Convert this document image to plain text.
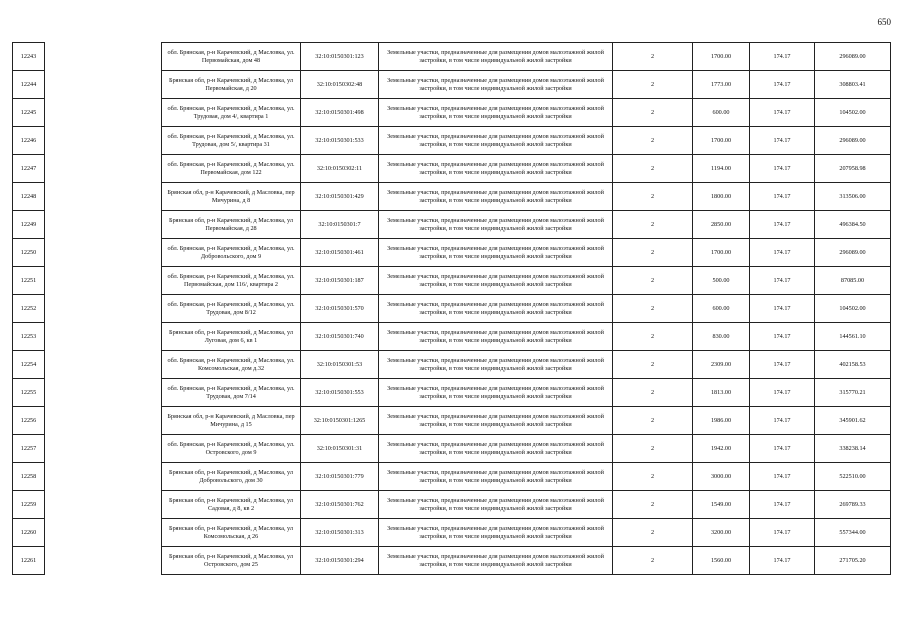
650
12243		обл. Брянская, р-н Карачевский, д Масловка, ул. Первомайская, дом 48	32:10:0150301:123	Земельные участки, предназначенные для размещения домов малоэтажной жилой застройки, в том числе индивидуальной жилой застройки	2	1700.00	174.17	296089.00
12244		Брянская обл, р-н Карачевский, д Масловка, ул Первомайская, д 20	32:10:0150302:48	Земельные участки, предназначенные для размещения домов малоэтажной жилой застройки, в том числе индивидуальной жилой застройки	2	1773.00	174.17	308803.41
12245		обл. Брянская, р-н Карачевский, д Масловка, ул. Трудовая, дом 4/, квартира 1	32:10:0150301:498	Земельные участки, предназначенные для размещения домов малоэтажной жилой застройки, в том числе индивидуальной жилой застройки	2	600.00	174.17	104502.00
12246		обл. Брянская, р-н Карачевский, д Масловка, ул. Трудовая, дом 5/, квартира 31	32:10:0150301:533	Земельные участки, предназначенные для размещения домов малоэтажной жилой застройки, в том числе индивидуальной жилой застройки	2	1700.00	174.17	296089.00
12247		обл. Брянская, р-н Карачевский, д Масловка, ул. Первомайская, дом 122	32:10:0150302:11	Земельные участки, предназначенные для размещения домов малоэтажной жилой застройки, в том числе индивидуальной жилой застройки	2	1194.00	174.17	207958.98
12248		Брянская обл, р-н Карачевский, д Масловка, пер Мичурина, д 8	32:10:0150301:429	Земельные участки, предназначенные для размещения домов малоэтажной жилой застройки, в том числе индивидуальной жилой застройки	2	1800.00	174.17	313506.00
12249		Брянская обл, р-н Карачевский, д Масловка, ул Первомайская, д 28	32:10:0150301:7	Земельные участки, предназначенные для размещения домов малоэтажной жилой застройки, в том числе индивидуальной жилой застройки	2	2850.00	174.17	496384.50
12250		обл. Брянская, р-н Карачевский, д Масловка, ул. Добровольского, дом 9	32:10:0150301:461	Земельные участки, предназначенные для размещения домов малоэтажной жилой застройки, в том числе индивидуальной жилой застройки	2	1700.00	174.17	296089.00
12251		обл. Брянская, р-н Карачевский, д Масловка, ул. Первомайская, дом 116/, квартира 2	32:10:0150301:187	Земельные участки, предназначенные для размещения домов малоэтажной жилой застройки, в том числе индивидуальной жилой застройки	2	500.00	174.17	87085.00
12252		обл. Брянская, р-н Карачевский, д Масловка, ул. Трудовая, дом 8/12	32:10:0150301:570	Земельные участки, предназначенные для размещения домов малоэтажной жилой застройки, в том числе индивидуальной жилой застройки	2	600.00	174.17	104502.00
12253		Брянская обл, р-н Карачевский, д Масловка, ул Луговая, дом 6, кв 1	32:10:0150301:740	Земельные участки, предназначенные для размещения домов малоэтажной жилой застройки, в том числе индивидуальной жилой застройки	2	830.00	174.17	144561.10
12254		обл. Брянская, р-н Карачевский, д Масловка, ул. Комсомольская, дом д.32	32:10:0150301:53	Земельные участки, предназначенные для размещения домов малоэтажной жилой застройки, в том числе индивидуальной жилой застройки	2	2309.00	174.17	402158.53
12255		обл. Брянская, р-н Карачевский, д Масловка, ул. Трудовая, дом 7/14	32:10:0150301:553	Земельные участки, предназначенные для размещения домов малоэтажной жилой застройки, в том числе индивидуальной жилой застройки	2	1813.00	174.17	315770.21
12256		Брянская обл, р-н Карачевский, д Масловка, пер Мичурина, д 15	32:10:0150301:1265	Земельные участки, предназначенные для размещения домов малоэтажной жилой застройки, в том числе индивидуальной жилой застройки	2	1986.00	174.17	345901.62
12257		обл. Брянская, р-н Карачевский, д Масловка, ул. Островского, дом 9	32:10:0150301:31	Земельные участки, предназначенные для размещения домов малоэтажной жилой застройки, в том числе индивидуальной жилой застройки	2	1942.00	174.17	338238.14
12258		Брянская обл, р-н Карачевский, д Масловка, ул Добровольского, дом 30	32:10:0150301:779	Земельные участки, предназначенные для размещения домов малоэтажной жилой застройки, в том числе индивидуальной жилой застройки	2	3000.00	174.17	522510.00
12259		Брянская обл, р-н Карачевский, д Масловка, ул Садовая, д 8, кв 2	32:10:0150301:762	Земельные участки, предназначенные для размещения домов малоэтажной жилой застройки, в том числе индивидуальной жилой застройки	2	1549.00	174.17	269789.33
12260		Брянская обл, р-н Карачевский, д Масловка, ул Комсомольская, д 26	32:10:0150301:313	Земельные участки, предназначенные для размещения домов малоэтажной жилой застройки, в том числе индивидуальной жилой застройки	2	3200.00	174.17	557344.00
12261		Брянская обл, р-н Карачевский, д Масловка, ул Островского, дом 25	32:10:0150301:294	Земельные участки, предназначенные для размещения домов малоэтажной жилой застройки, в том числе индивидуальной жилой застройки	2	1560.00	174.17	271705.20
